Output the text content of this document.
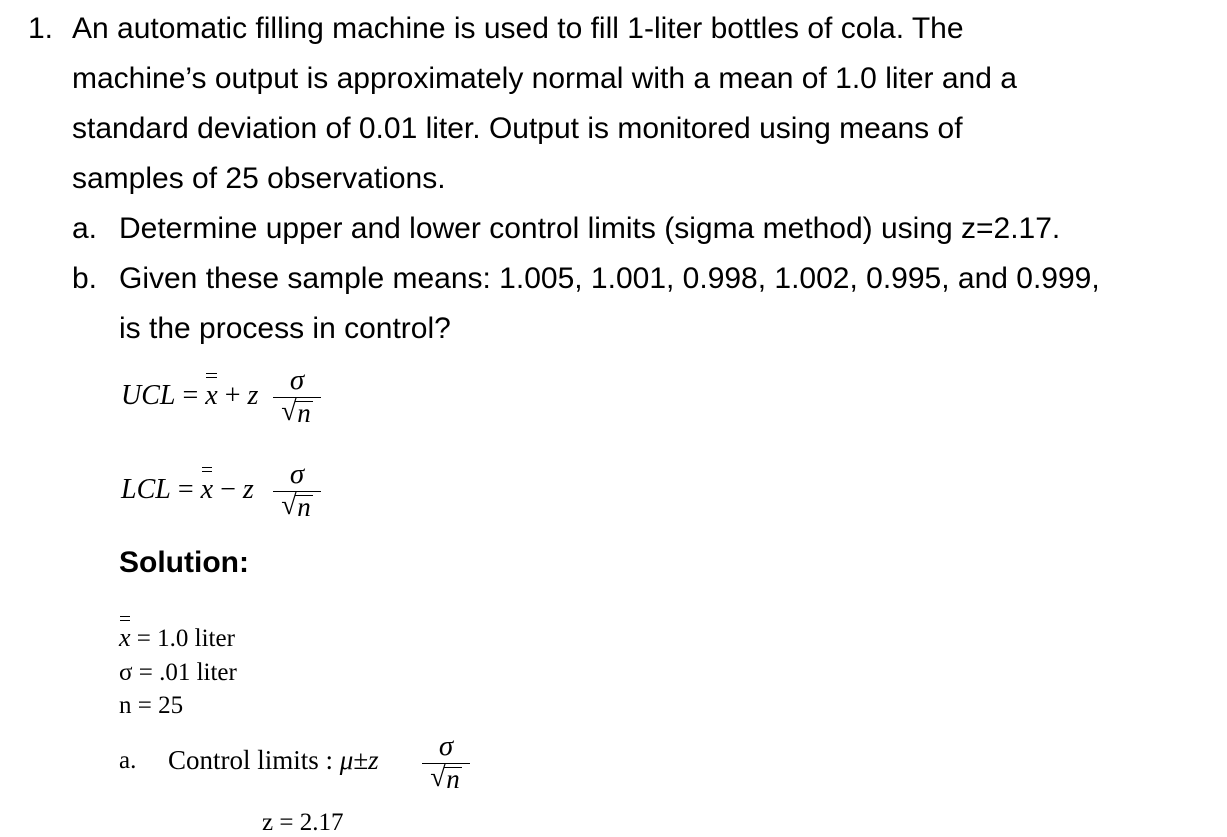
1. An automatic filling machine is used to fill 1-liter bottles of cola. The
machine’s output is approximately normal with a mean of 1.0 liter and a
standard deviation of 0.01 liter. Output is monitored using means of
samples of 25 observations.
a. Determine upper and lower control limits (sigma method) using z=2.17.
b. Given these sample means: 1.005, 1.001, 0.998, 1.002, 0.995, and 0.999,
is the process in control?
UCL = x + z	σ
√ n
LCL = x − z	σ
√ n
Solution:
x = 1.0 liter
σ = .01 liter
n = 25
a. Control limits : μ±z	σ
√ n
z = 2.17
